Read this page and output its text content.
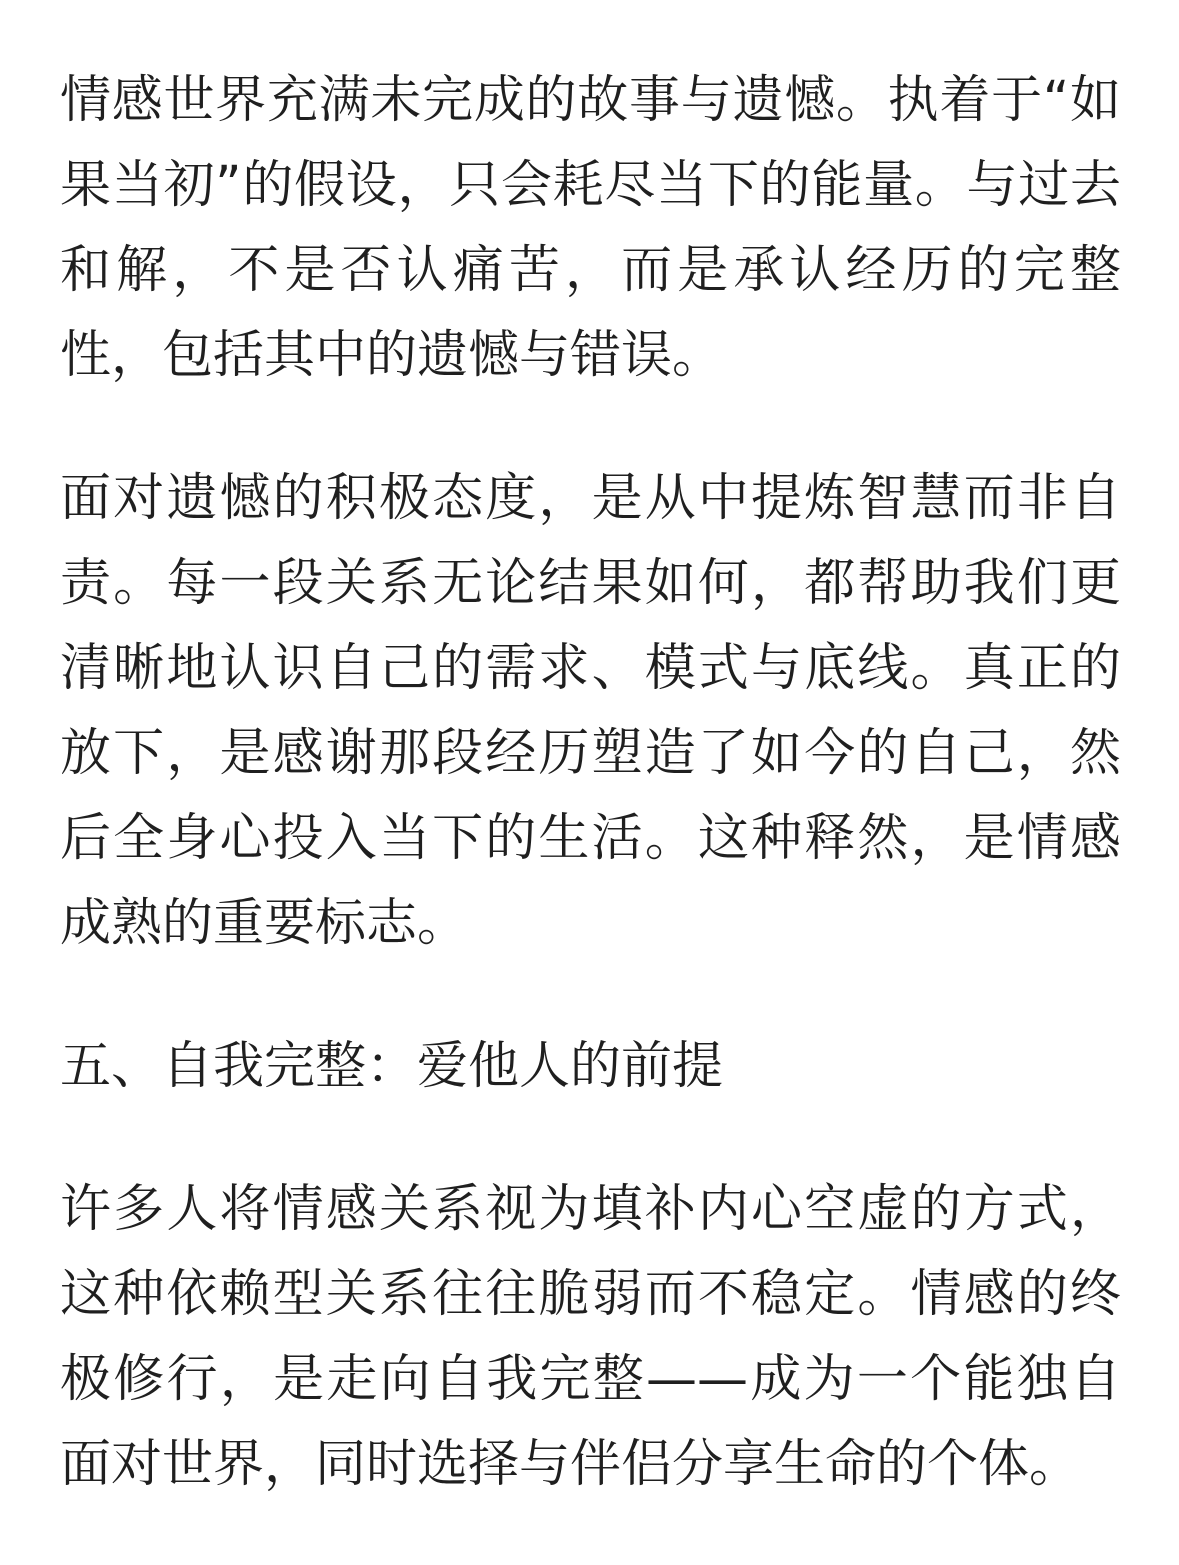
情感世界充满未完成的故事与遗憾。执着于“如果当初”的假设，只会耗尽当下的能量。与过去和解，不是否认痛苦，而是承认经历的完整性，包括其中的遗憾与错误。

面对遗憾的积极态度，是从中提炼智慧而非自责。每一段关系无论结果如何，都帮助我们更清晰地认识自己的需求、模式与底线。真正的放下，是感谢那段经历塑造了如今的自己，然后全身心投入当下的生活。这种释然，是情感成熟的重要标志。

五、自我完整：爱他人的前提

许多人将情感关系视为填补内心空虚的方式，这种依赖型关系往往脆弱而不稳定。情感的终极修行，是走向自我完整——成为一个能独自面对世界，同时选择与伴侣分享生命的个体。
